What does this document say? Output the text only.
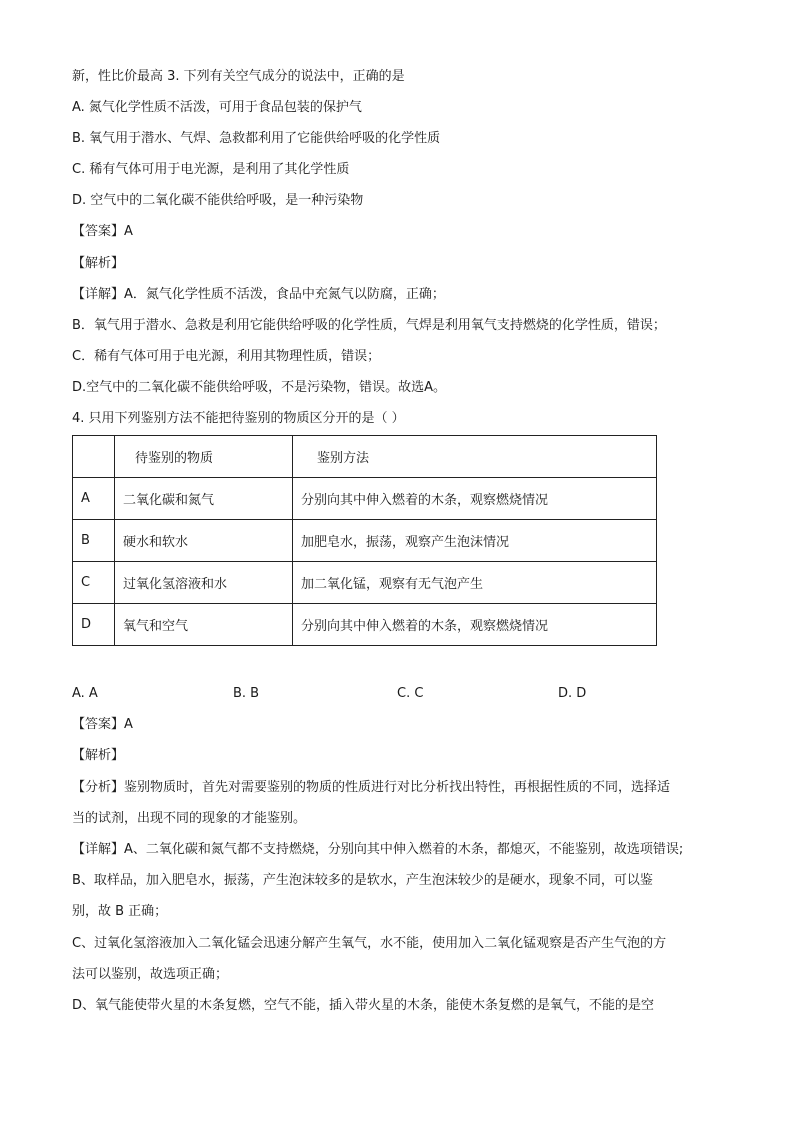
新，性比价最高 3. 下列有关空气成分的说法中，正确的是
A. 氮气化学性质不活泼，可用于食品包装的保护气
B. 氧气用于潜水、气焊、急救都利用了它能供给呼吸的化学性质
C. 稀有气体可用于电光源，是利用了其化学性质
D. 空气中的二氧化碳不能供给呼吸，是一种污染物
【答案】A
【解析】
【详解】A．氮气化学性质不活泼，食品中充氮气以防腐，正确；
B．氧气用于潜水、急救是利用它能供给呼吸的化学性质，气焊是利用氧气支持燃烧的化学性质，错误；
C．稀有气体可用于电光源，利用其物理性质，错误；
D.空气中的二氧化碳不能供给呼吸，不是污染物，错误。故选A。
4. 只用下列鉴别方法不能把待鉴别的物质区分开的是（ ）
	待鉴别的物质	鉴别方法
A	二氧化碳和氮气	分别向其中伸入燃着的木条，观察燃烧情况
B	硬水和软水	加肥皂水，振荡，观察产生泡沫情况
C	过氧化氢溶液和水	加二氧化锰，观察有无气泡产生
D	氧气和空气	分别向其中伸入燃着的木条，观察燃烧情况
A. A	B. B	C. C	D. D
【答案】A
【解析】
【分析】鉴别物质时，首先对需要鉴别的物质的性质进行对比分析找出特性，再根据性质的不同，选择适
当的试剂，出现不同的现象的才能鉴别。
【详解】A、二氧化碳和氮气都不支持燃烧，分别向其中伸入燃着的木条，都熄灭，不能鉴别，故选项错误;
B、取样品，加入肥皂水，振荡，产生泡沫较多的是软水，产生泡沫较少的是硬水，现象不同，可以鉴
别，故 B 正确；
C、过氧化氢溶液加入二氧化锰会迅速分解产生氧气，水不能，使用加入二氧化锰观察是否产生气泡的方
法可以鉴别，故选项正确；
D、氧气能使带火星的木条复燃，空气不能，插入带火星的木条，能使木条复燃的是氧气，不能的是空
